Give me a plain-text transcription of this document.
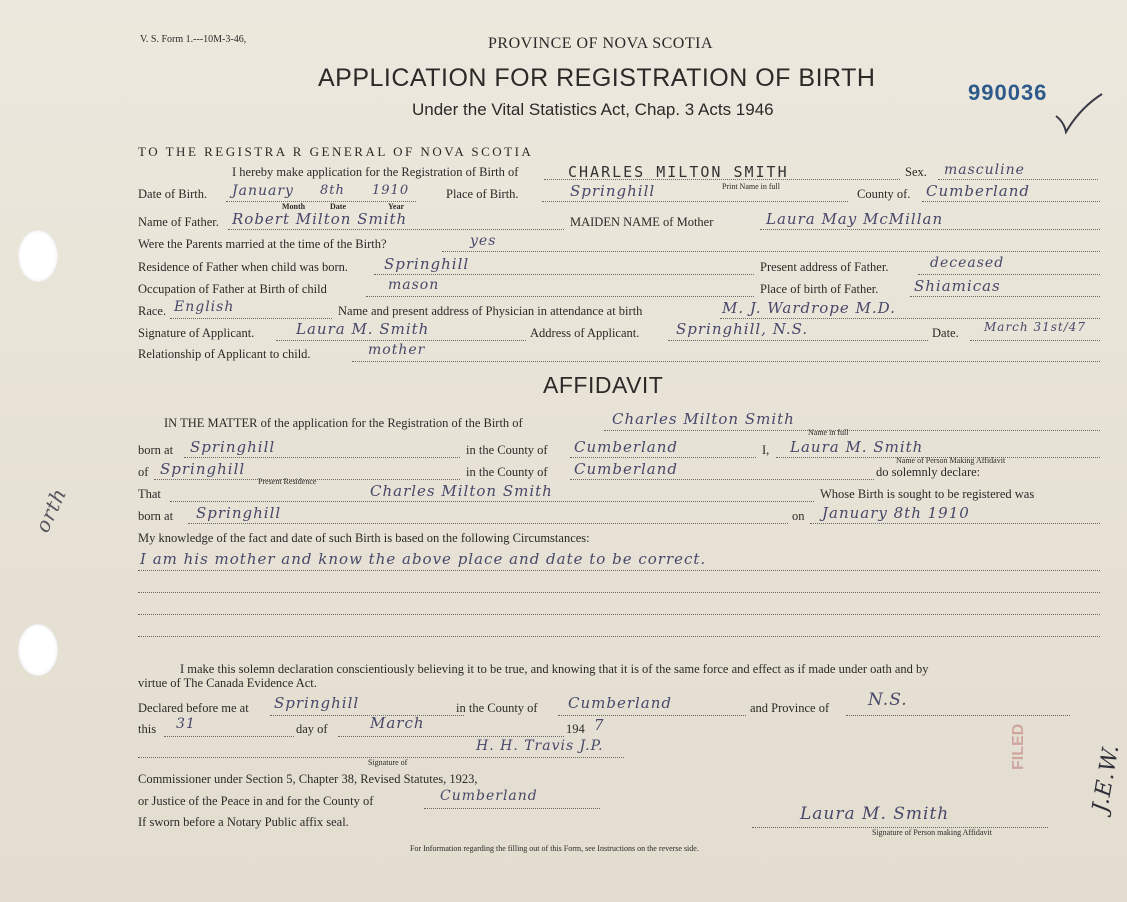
V. S. Form 1.---10M-3-46,	PROVINCE OF NOVA SCOTIA
APPLICATION FOR REGISTRATION OF BIRTH
Under the Vital Statistics Act, Chap. 3 Acts 1946
990036
TO THE REGISTRA R GENERAL OF NOVA SCOTIA
I hereby make application for the Registration of Birth of	CHARLES MILTON SMITH
Print Name in full
Sex. masculine
Date of Birth. January 8th 1910
Month	Date	Year
Place of Birth.	Springhill	County of. Cumberland
Name of Father. Robert Milton Smith	MAIDEN NAME of Mother	Laura May McMillan
Were the Parents married at the time of the Birth?	yes
Residence of Father when child was born. Springhill	Present address of Father.	deceased
Occupation of Father at Birth of child	mason	Place of birth of Father. Shiamicas
Race. English	Name and present address of Physician in attendance at birth	M. J. Wardrope M.D.
Signature of Applicant.	Laura M. Smith	Address of Applicant. Springhill, N.S.	Date. March 31st/47
Relationship of Applicant to child.	mother
AFFIDAVIT
IN THE MATTER of the application for the Registration of the Birth of	Charles Milton Smith
Name in full
born at Springhill	in the County of Cumberland	I, Laura M. Smith
Name of Person Making Affidavit
of Springhill
Present Residence
in the County of Cumberland	do solemnly declare:
That	Charles Milton Smith	Whose Birth is sought to be registered was
born at Springhill	on January 8th 1910
My knowledge of the fact and date of such Birth is based on the following Circumstances:
I am his mother and know the above place and date to be correct.
I make this solemn declaration conscientiously believing it to be true, and knowing that it is of the same force and effect as if made under oath and by
virtue of The Canada Evidence Act.
Declared before me at Springhill	in the County of Cumberland	and Province of N.S.
this 31	day of	March	194 7
H. H. Travis J.P.
Signature of
Commissioner under Section 5, Chapter 38, Revised Statutes, 1923,
or Justice of the Peace in and for the County of	Cumberland
If sworn before a Notary Public affix seal.	Laura M. Smith
Signature of Person making Affidavit
For Information regarding the filling out of this Form, see Instructions on the reverse side.
orth
J.E.W.
FILED
